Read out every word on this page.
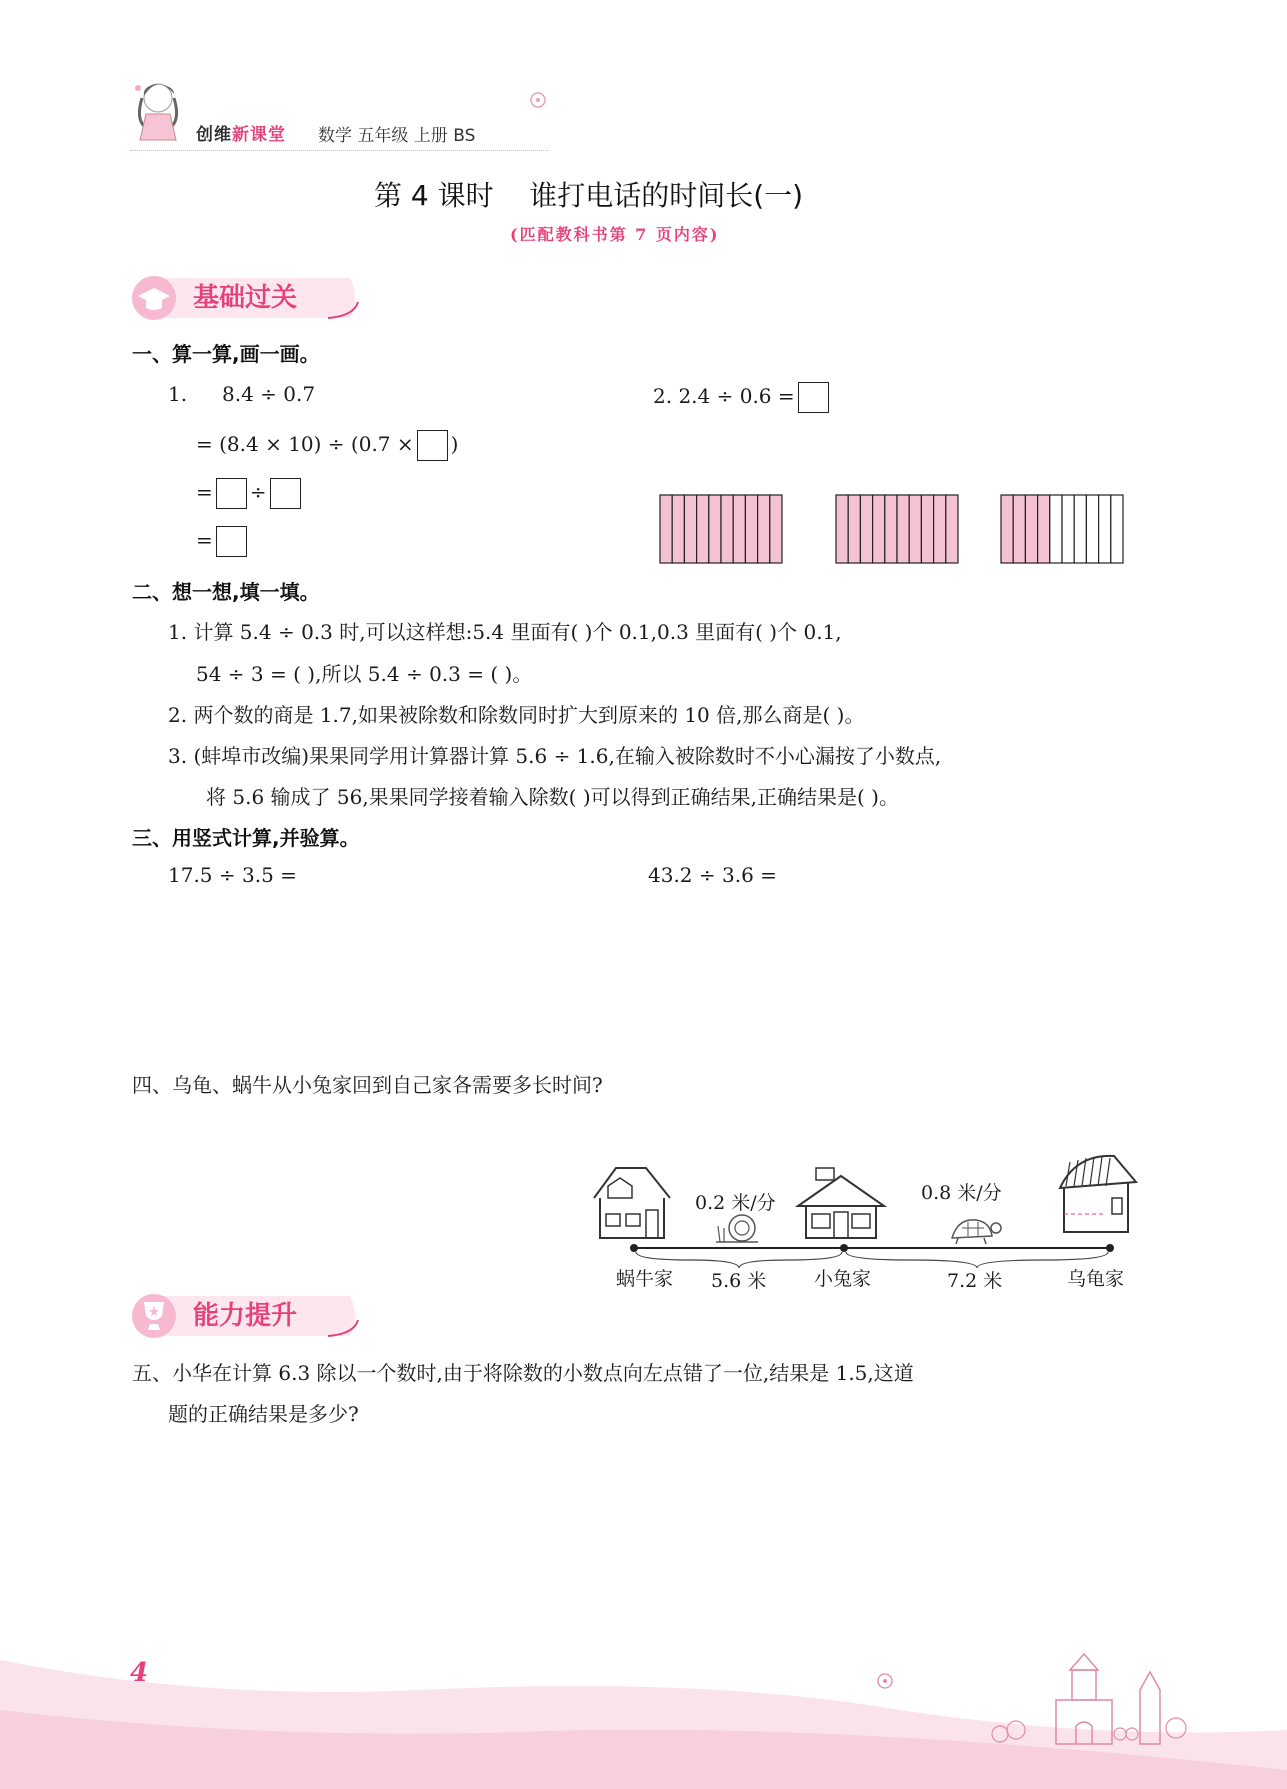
创维新课堂 数学 五年级 上册 BS
第 4 课时    谁打电话的时间长(一)
(匹配教科书第 7 页内容)
基础过关
一、算一算,画一画。
1. 8.4 ÷ 0.7
= (8.4 × 10) ÷ (0.7 × )
= ÷
=
2. 2.4 ÷ 0.6 =
二、想一想,填一填。
1. 计算 5.4 ÷ 0.3 时,可以这样想:5.4 里面有( )个 0.1,0.3 里面有( )个 0.1,
54 ÷ 3 = ( ),所以 5.4 ÷ 0.3 = ( )。
2. 两个数的商是 1.7,如果被除数和除数同时扩大到原来的 10 倍,那么商是( )。
3. (蚌埠市改编)果果同学用计算器计算 5.6 ÷ 1.6,在输入被除数时不小心漏按了小数点,
将 5.6 输成了 56,果果同学接着输入除数( )可以得到正确结果,正确结果是( )。
三、用竖式计算,并验算。
17.5 ÷ 3.5 =	43.2 ÷ 3.6 =
四、乌龟、蜗牛从小兔家回到自己家各需要多长时间?
0.2 米/分	0.8 米/分
蜗牛家 5.6 米	小兔家	7.2 米	乌龟家
能力提升
五、小华在计算 6.3 除以一个数时,由于将除数的小数点向左点错了一位,结果是 1.5,这道
题的正确结果是多少?
4
